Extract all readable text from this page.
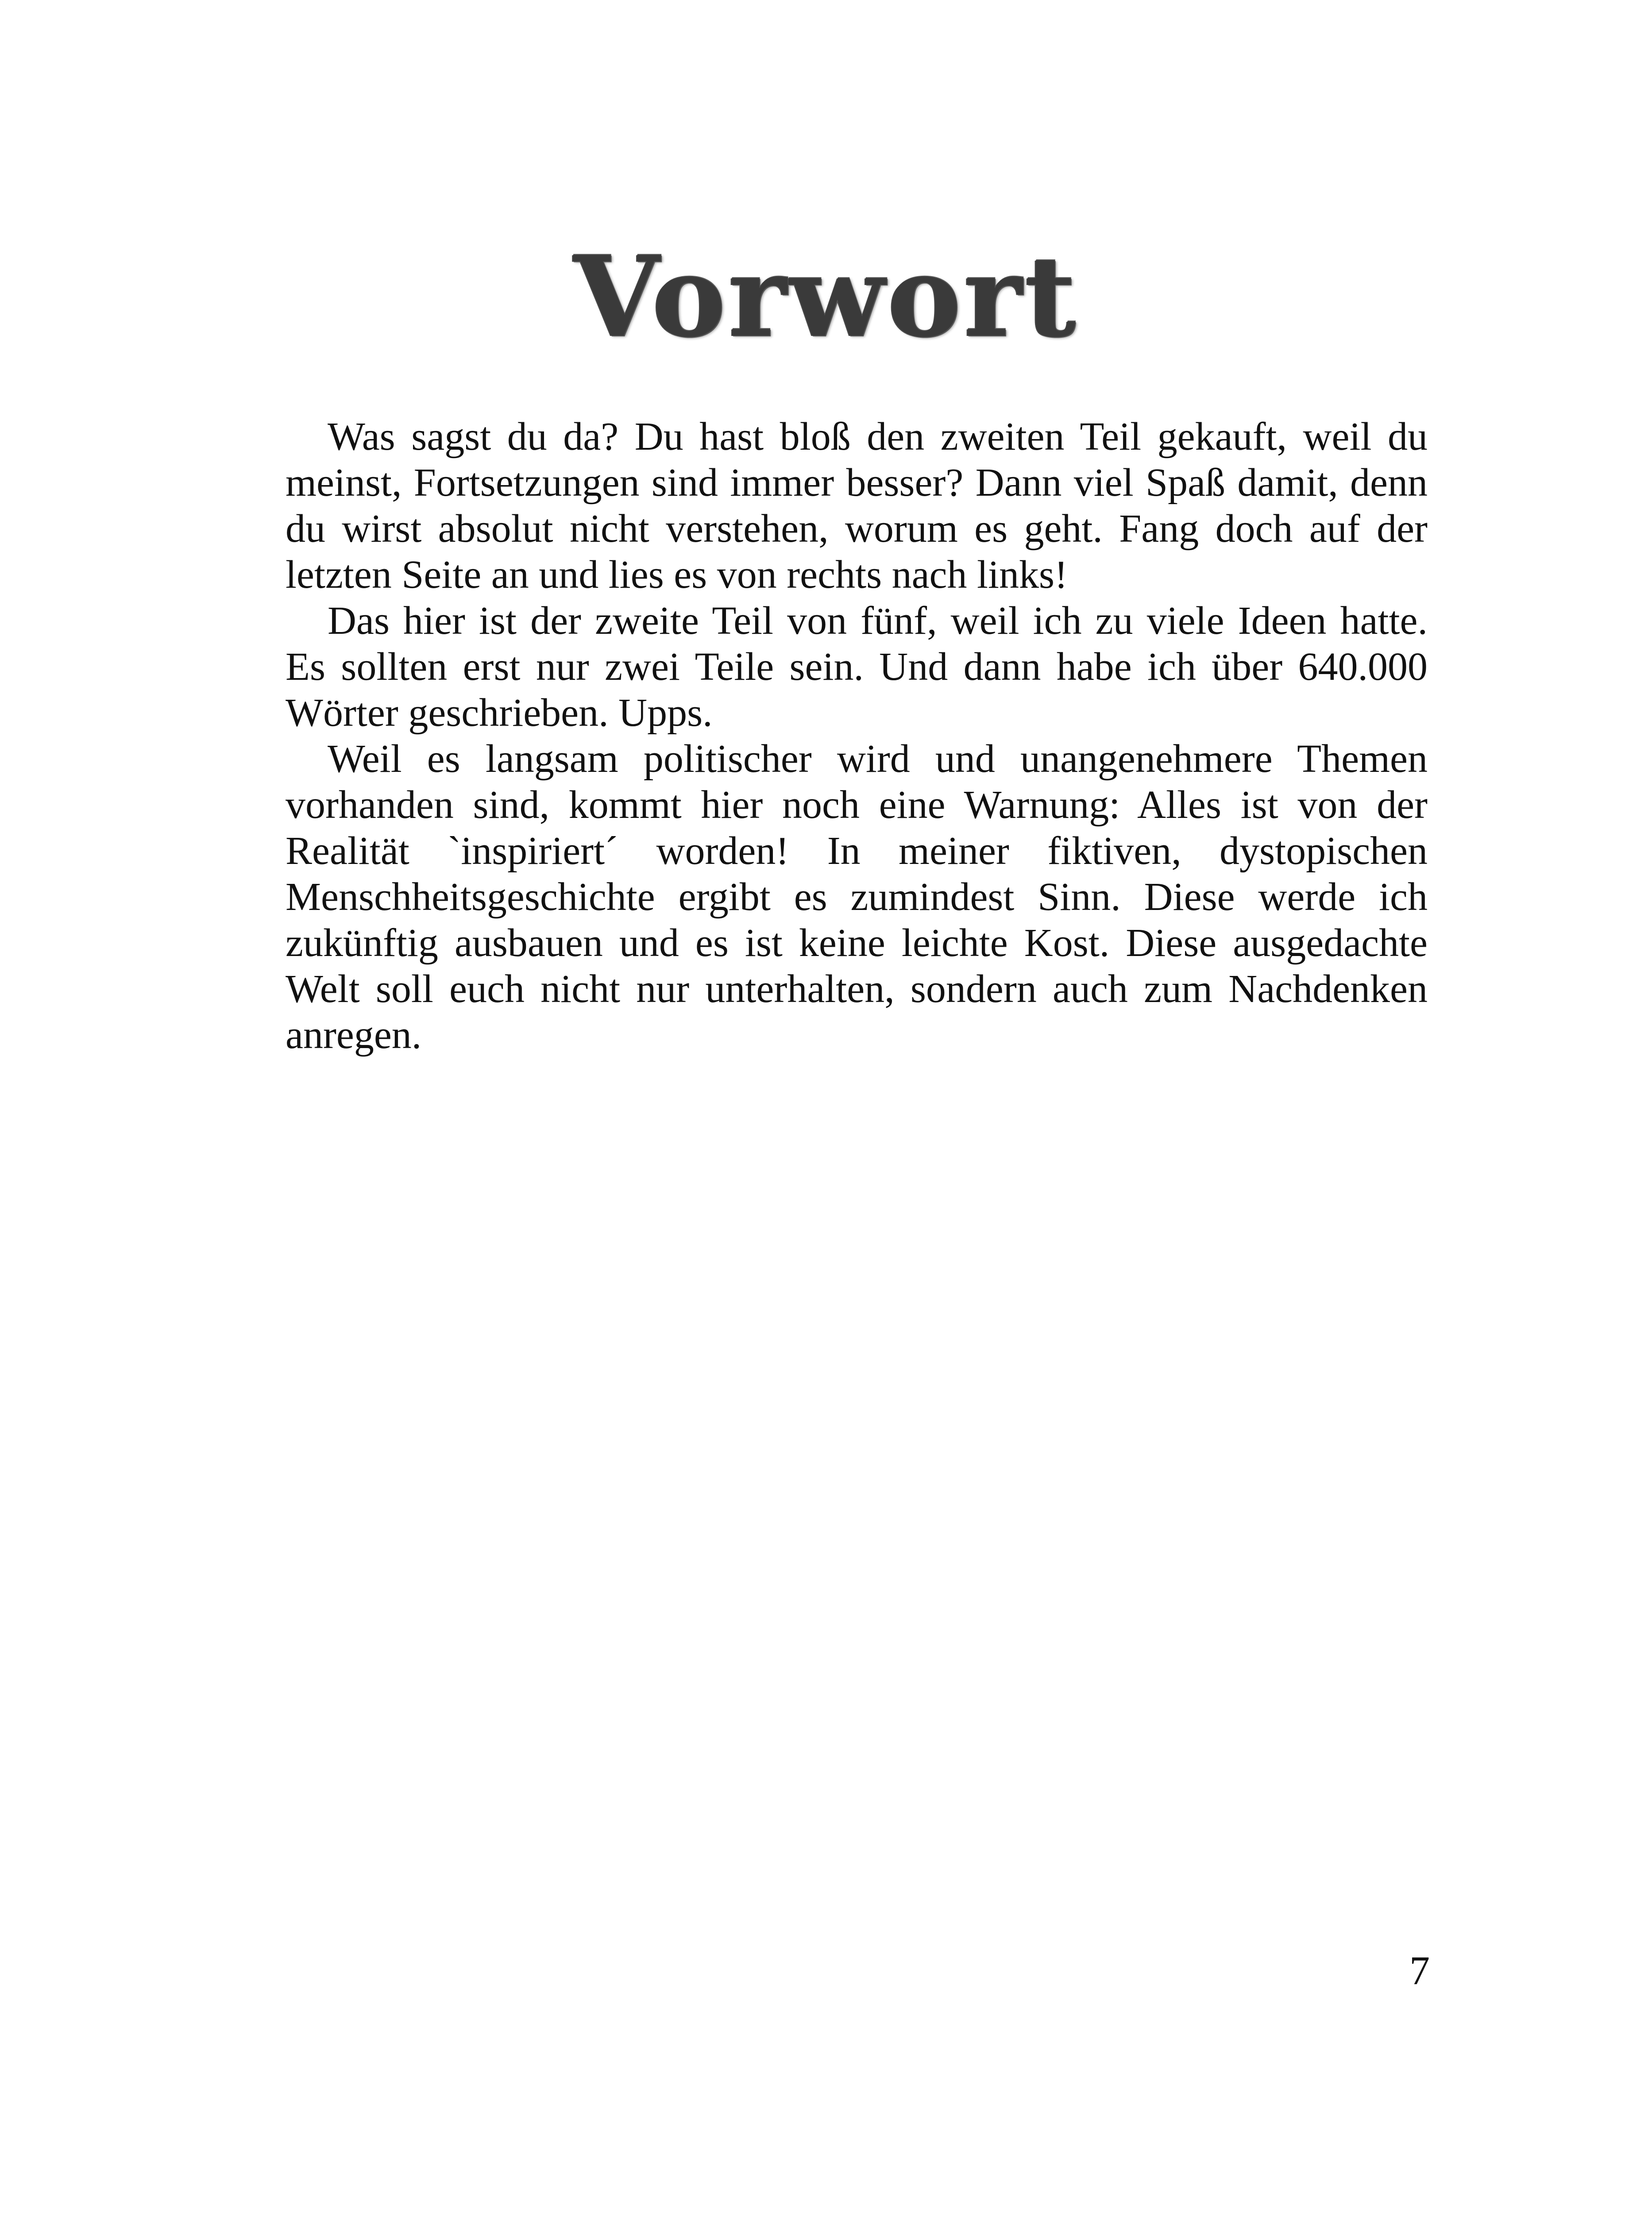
Vorwort

Was sagst du da? Du hast bloß den zweiten Teil gekauft, weil du meinst, Fortsetzungen sind immer besser? Dann viel Spaß damit, denn du wirst absolut nicht verstehen, worum es geht. Fang doch auf der letzten Seite an und lies es von rechts nach links!

Das hier ist der zweite Teil von fünf, weil ich zu viele Ideen hatte. Es sollten erst nur zwei Teile sein. Und dann habe ich über 640.000 Wörter geschrieben. Upps.

Weil es langsam politischer wird und unangenehmere Themen vorhanden sind, kommt hier noch eine Warnung: Alles ist von der Realität `inspiriert´ worden! In meiner fiktiven, dystopischen Menschheitsgeschichte ergibt es zumindest Sinn. Diese werde ich zukünftig ausbauen und es ist keine leichte Kost. Diese ausgedachte Welt soll euch nicht nur unterhalten, sondern auch zum Nachdenken anregen.

7
